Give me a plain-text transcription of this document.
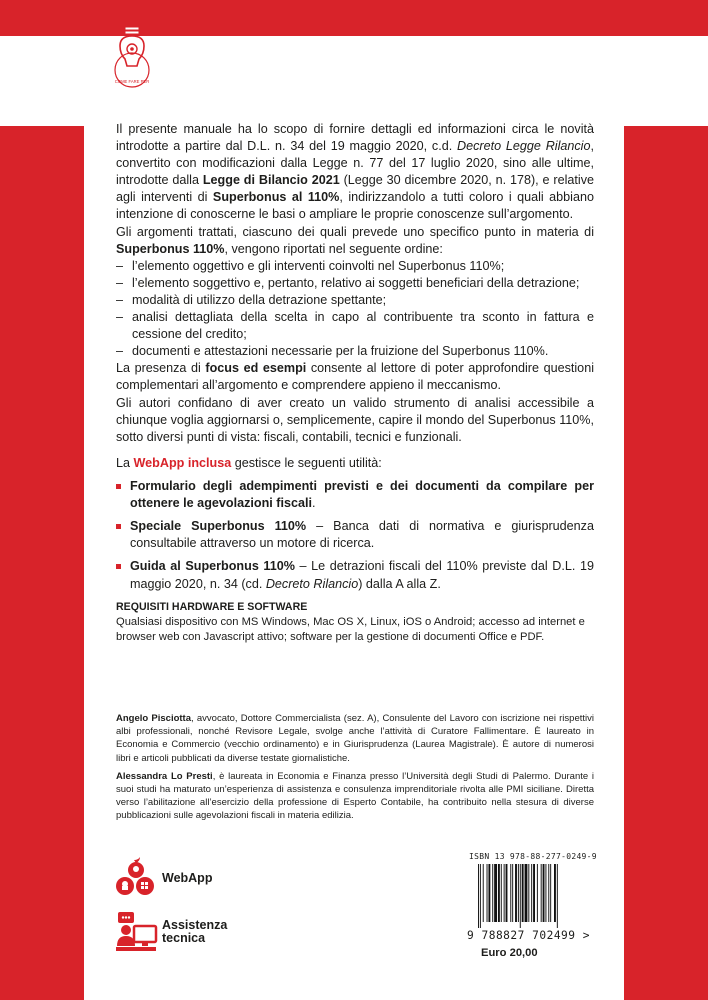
COME FARE PER

Il presente manuale ha lo scopo di fornire dettagli ed informazioni circa le novità introdotte a partire dal D.L. n. 34 del 19 maggio 2020, c.d. Decreto Legge Rilancio, convertito con modificazioni dalla Legge n. 77 del 17 luglio 2020, sino alle ultime, introdotte dalla Legge di Bilancio 2021 (Legge 30 dicembre 2020, n. 178), e relative agli interventi di Superbonus al 110%, indirizzandolo a tutti coloro i quali abbiano intenzione di conoscerne le basi o ampliare le proprie conoscenze sull’argomento.

Gli argomenti trattati, ciascuno dei quali prevede uno specifico punto in materia di Superbonus 110%, vengono riportati nel seguente ordine:

– l’elemento oggettivo e gli interventi coinvolti nel Superbonus 110%;
– l’elemento soggettivo e, pertanto, relativo ai soggetti beneficiari della detrazione;
– modalità di utilizzo della detrazione spettante;
– analisi dettagliata della scelta in capo al contribuente tra sconto in fattura e cessione del credito;
– documenti e attestazioni necessarie per la fruizione del Superbonus 110%.

La presenza di focus ed esempi consente al lettore di poter approfondire questioni complementari all’argomento e comprendere appieno il meccanismo.

Gli autori confidano di aver creato un valido strumento di analisi accessibile a chiunque voglia aggiornarsi o, semplicemente, capire il mondo del Superbonus 110%, sotto diversi punti di vista: fiscali, contabili, tecnici e funzionali.

La WebApp inclusa gestisce le seguenti utilità:
Formulario degli adempimenti previsti e dei documenti da compilare per ottenere le agevolazioni fiscali.
Speciale Superbonus 110% – Banca dati di normativa e giurisprudenza consultabile attraverso un motore di ricerca.
Guida al Superbonus 110% – Le detrazioni fiscali del 110% previste dal D.L. 19 maggio 2020, n. 34 (cd. Decreto Rilancio) dalla A alla Z.
REQUISITI HARDWARE E SOFTWARE
Qualsiasi dispositivo con MS Windows, Mac OS X, Linux, iOS o Android; accesso ad internet e browser web con Javascript attivo; software per la gestione di documenti Office e PDF.

Angelo Pisciotta, avvocato, Dottore Commercialista (sez. A), Consulente del Lavoro con iscrizione nei rispettivi albi professionali, nonché Revisore Legale, svolge anche l’attività di Curatore Fallimentare. È laureato in Economia e Commercio (vecchio ordinamento) e in Giurisprudenza (Laurea Magistrale). È autore di numerosi libri e articoli pubblicati da diverse testate giornalistiche.

Alessandra Lo Presti, è laureata in Economia e Finanza presso l’Università degli Studi di Palermo. Durante i suoi studi ha maturato un’esperienza di assistenza e consulenza imprenditoriale rivolta alle PMI siciliane. Diretta verso l’abilitazione all’esercizio della professione di Esperto Contabile, ha contribuito nella stesura di diverse pubblicazioni sulle agevolazioni fiscali in materia edilizia.

WebApp
Assistenza
tecnica
ISBN 13 978-88-277-0249-9
9 788827 702499 >
Euro 20,00
